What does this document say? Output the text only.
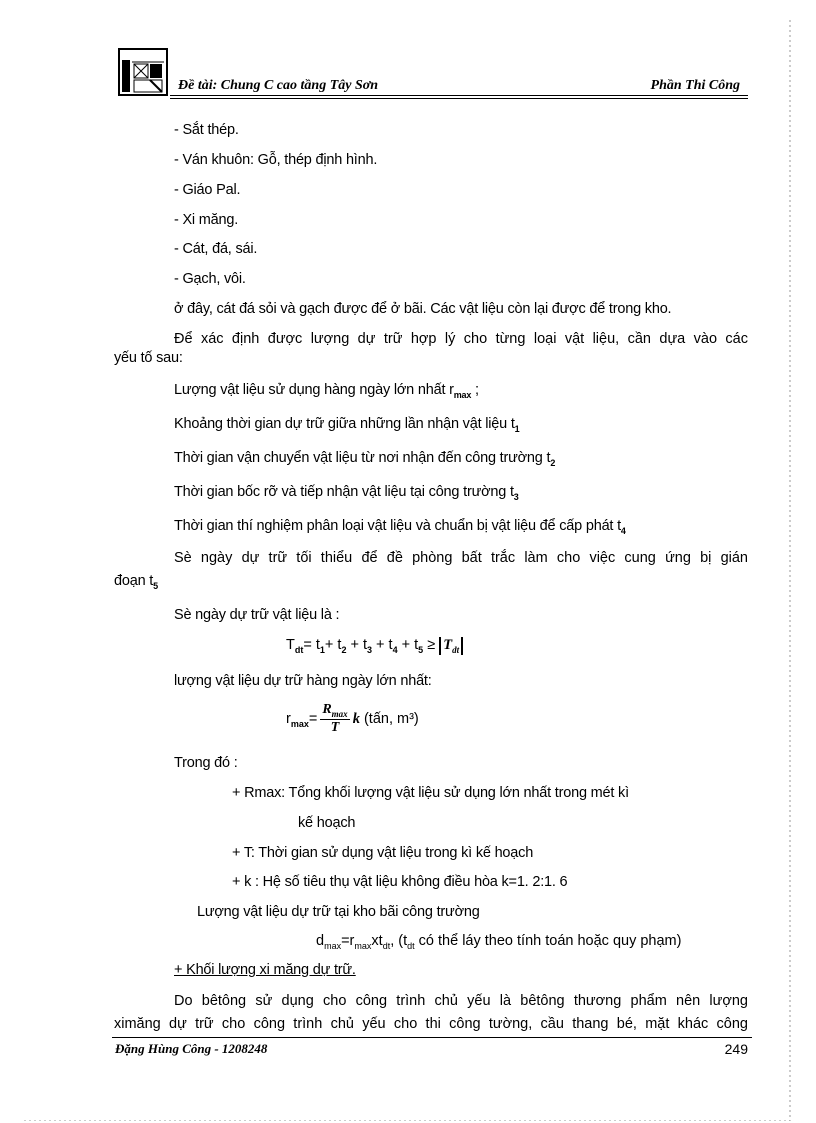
Đề tài: Chung C cao tầng Tây Sơn	Phần Thi Công
- Sắt thép.
- Ván khuôn: Gỗ, thép định hình.
- Giáo Pal.
- Xi măng.
- Cát, đá, sái.
- Gạch, vôi.
ở đây, cát đá sỏi và gạch được để ở bãi. Các vật liệu còn lại được để trong kho.
Để xác định được lượng dự trữ hợp lý cho từng loại vật liệu, cần dựa vào các
yếu tố sau:
Lượng vật liệu sử dụng hàng ngày lớn nhất $r_{max}$ ;
Khoảng thời gian dự trữ giữa những lần nhận vật liệu $t_1$
Thời gian vận chuyển vật liệu từ nơi nhận đến công trường $t_2$
Thời gian bốc rỡ và tiếp nhận vật liệu tại công trường $t_3$
Thời gian thí nghiệm phân loại vật liệu và chuẩn bị vật liệu để cấp phát $t_4$
Sè ngày dự trữ tối thiểu để đề phòng bất trắc làm cho việc cung ứng bị gián
đoạn $t_5$
Sè ngày dự trữ vật liệu là :
$T_{dt}= t_1+ t_2 + t_3 + t_4 + t_5 \ge T_{dt}$
lượng vật liệu dự trữ hàng ngày lớn nhất:
$r_{max}= \frac{R_{max}}{T}$ k (tấn, m³)
Trong đó :
+ Rmax: Tổng khối lượng vật liệu sử dụng lớn nhất trong mét kì
kế hoạch
+ T: Thời gian sử dụng vật liệu trong kì kế hoạch
+ k : Hệ số tiêu thụ vật liệu không điều hòa k=1. 2:1. 6
Lượng vật liệu dự trữ tại kho bãi công trường
$d_{max}=r_{max}xt_{dt}$, ($t_{dt}$ có thể láy theo tính toán hoặc quy phạm)
+ Khối lượng xi măng dự trữ.
Do bêtông sử dụng cho công trình chủ yếu là bêtông thương phẩm nên lượng
ximăng dự trữ cho công trình chủ yếu cho thi công tường, cầu thang bé, mặt khác công
Đặng Hùng Công - 1208248	249
